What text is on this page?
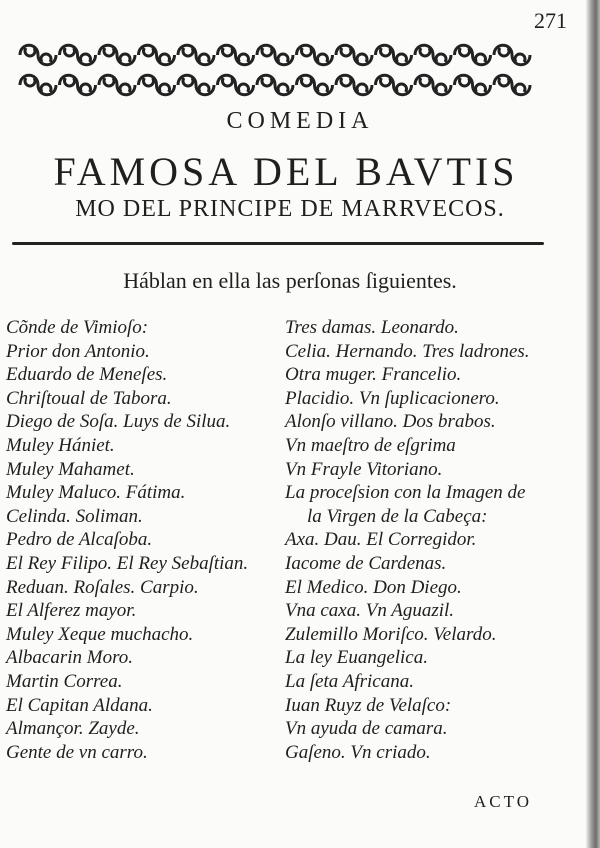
271
COMEDIA
FAMOSA DEL BAVTIS
MO DEL PRINCIPE DE MARRVECOS.
Háblan en ella las perſonas ſiguientes.
Cõnde de Vimioſo:
Prior don Antonio.
Eduardo de Meneſes.
Chriſtoual de Tabora.
Diego de Soſa. Luys de Silua.
Muley Hániet.
Muley Mahamet.
Muley Maluco. Fátima.
Celinda. Soliman.
Pedro de Alcaſoba.
El Rey Filipo. El Rey Sebaſtian.
Reduan. Roſales. Carpio.
El Alferez mayor.
Muley Xeque muchacho.
Albacarin Moro.
Martin Correa.
El Capitan Aldana.
Almançor. Zayde.
Gente de vn carro.
Tres damas. Leonardo.
Celia. Hernando. Tres ladrones.
Otra muger. Francelio.
Placidio. Vn ſuplicacionero.
Alonſo villano. Dos brabos.
Vn maeſtro de eſgrima
Vn Frayle Vitoriano.
La proceſsion con la Imagen de
la Virgen de la Cabeça:
Axa. Dau. El Corregidor.
Iacome de Cardenas.
El Medico. Don Diego.
Vna caxa. Vn Aguazil.
Zulemillo Moriſco. Velardo.
La ley Euangelica.
La ſeta Africana.
Iuan Ruyz de Velaſco:
Vn ayuda de camara.
Gaſeno. Vn criado.
ACTO
